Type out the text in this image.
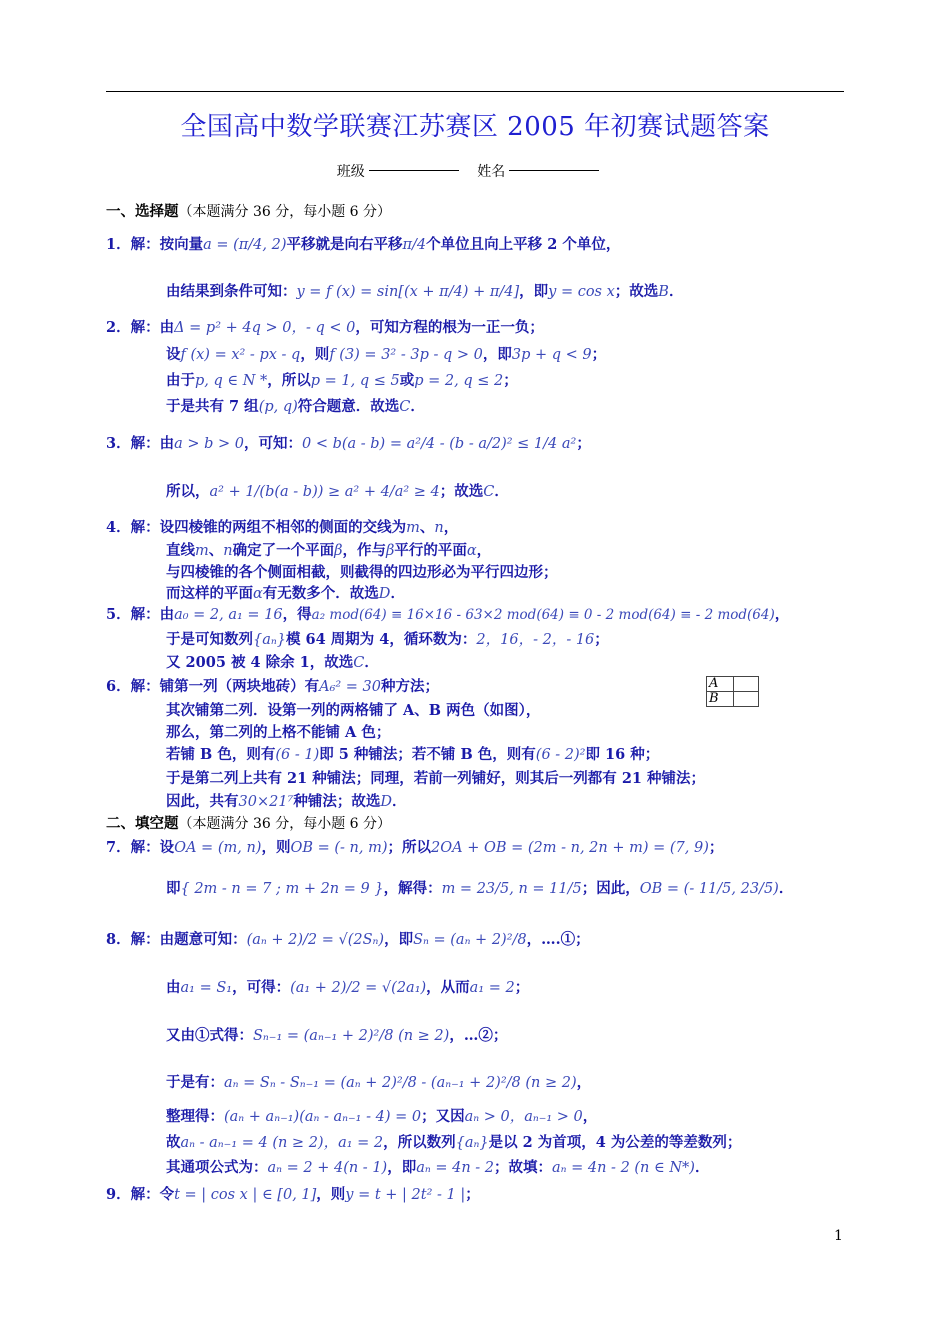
全国高中数学联赛江苏赛区 2005 年初赛试题答案
班级	姓名
一、选择题（本题满分 36 分，每小题 6 分）
1．解：按向量a = (π/4, 2)平移就是向右平移π/4个单位且向上平移 2 个单位，
由结果到条件可知：y = f (x) = sin[(x + π/4) + π/4]，即y = cos x；故选B．
2．解：由Δ = p² + 4q > 0，- q < 0，可知方程的根为一正一负；
设f (x) = x² - px - q，则f (3) = 3² - 3p - q > 0，即3p + q < 9；
由于p, q ∈ N *，所以p = 1, q ≤ 5或p = 2, q ≤ 2；
于是共有 7 组(p, q)符合题意．故选C．
3．解：由a > b > 0，可知：0 < b(a - b) = a²/4 - (b - a/2)² ≤ 1/4 a²；
所以，a² + 1/(b(a - b)) ≥ a² + 4/a² ≥ 4；故选C．
4．解：设四棱锥的两组不相邻的侧面的交线为m、n，
直线m、n确定了一个平面β，作与β平行的平面α，
与四棱锥的各个侧面相截，则截得的四边形必为平行四边形；
而这样的平面α有无数多个．故选D．
5．解：由a₀ = 2, a₁ = 16，得a₂ mod(64) ≡ 16×16 - 63×2 mod(64) ≡ 0 - 2 mod(64) ≡ - 2 mod(64)，
于是可知数列{aₙ}模 64 周期为 4，循环数为：2，16，- 2，- 16；
又 2005 被 4 除余 1，故选C．
6．解：铺第一列（两块地砖）有A₆² = 30种方法；	A	
B	
其次铺第二列．设第一列的两格铺了 A、B 两色（如图），
那么，第二列的上格不能铺 A 色；
若铺 B 色，则有(6 - 1)即 5 种铺法；若不铺 B 色，则有(6 - 2)²即 16 种；
于是第二列上共有 21 种铺法；同理，若前一列铺好，则其后一列都有 21 种铺法；
因此，共有30×21⁷种铺法；故选D．
二、填空题（本题满分 36 分，每小题 6 分）
7．解：设OA = (m, n)，则OB = (- n, m)；所以2OA + OB = (2m - n, 2n + m) = (7, 9)；
即{ 2m - n = 7 ; m + 2n = 9 }，解得：m = 23/5, n = 11/5；因此，OB = (- 11/5, 23/5)．
8．解：由题意可知：(aₙ + 2)/2 = √(2Sₙ)，即Sₙ = (aₙ + 2)²/8，….①；
由a₁ = S₁，可得：(a₁ + 2)/2 = √(2a₁)，从而a₁ = 2；
又由①式得：Sₙ₋₁ = (aₙ₋₁ + 2)²/8 (n ≥ 2)，…②；
于是有：aₙ = Sₙ - Sₙ₋₁ = (aₙ + 2)²/8 - (aₙ₋₁ + 2)²/8 (n ≥ 2)，
整理得：(aₙ + aₙ₋₁)(aₙ - aₙ₋₁ - 4) = 0；又因aₙ > 0，aₙ₋₁ > 0，
故aₙ - aₙ₋₁ = 4 (n ≥ 2)，a₁ = 2，所以数列{aₙ}是以 2 为首项，4 为公差的等差数列；
其通项公式为：aₙ = 2 + 4(n - 1)，即aₙ = 4n - 2；故填：aₙ = 4n - 2 (n ∈ N*)．
9．解：令t = | cos x | ∈ [0, 1]，则y = t + | 2t² - 1 |；
1
